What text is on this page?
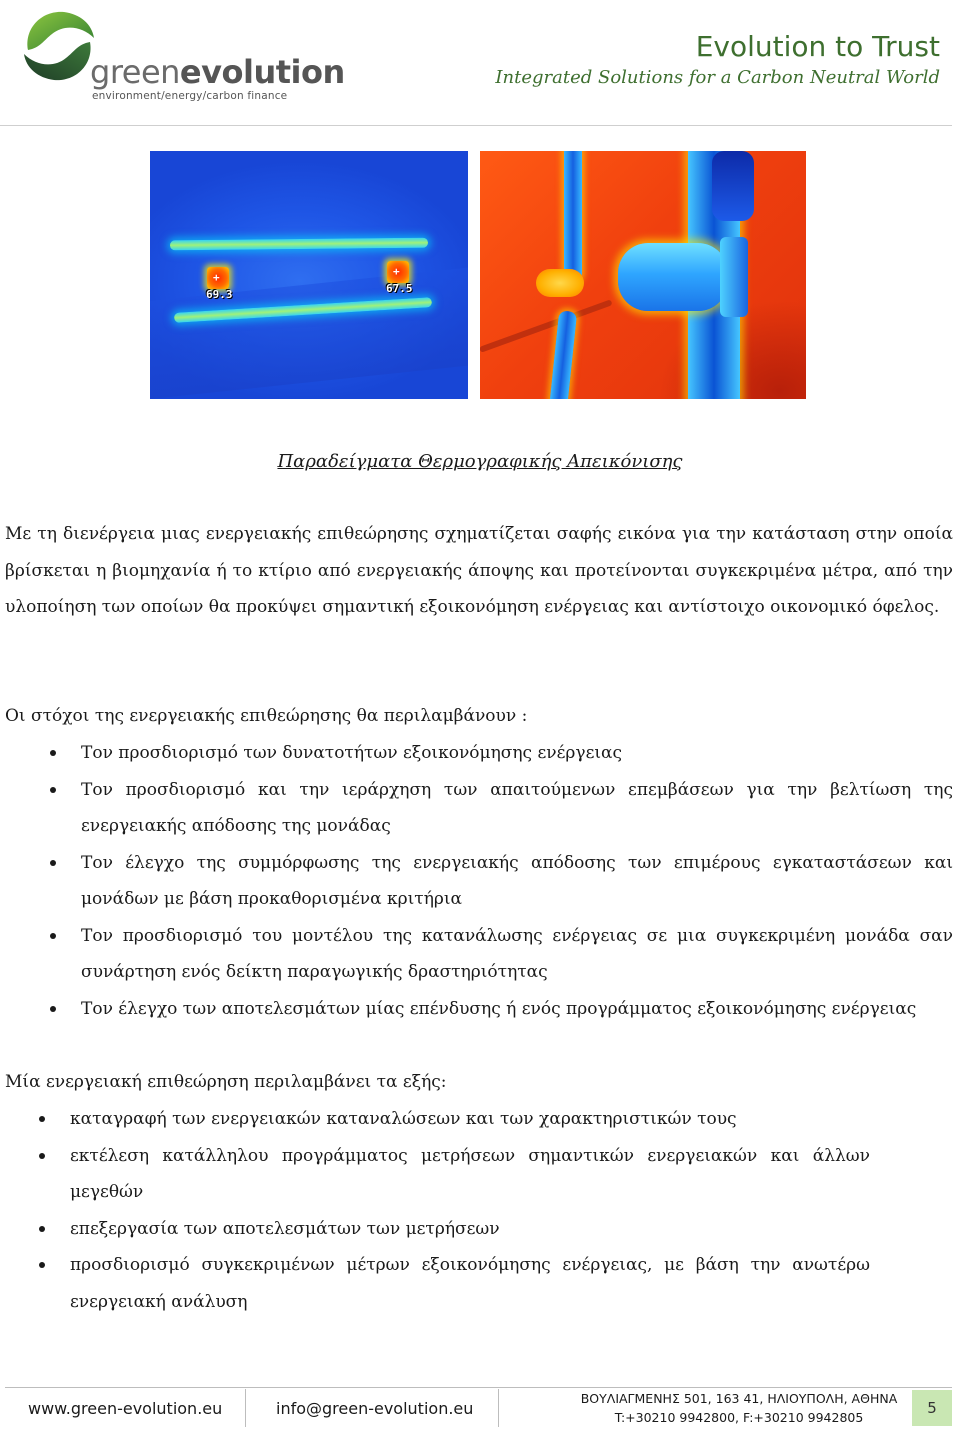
greenevolution
environment/energy/carbon finance
Evolution to Trust
Integrated Solutions for a Carbon Neutral World
+	+
69.3	67.5
Παραδείγματα Θερμογραφικής Απεικόνισης

Με τη διενέργεια μιας ενεργειακής επιθεώρησης σχηματίζεται σαφής εικόνα για την κατάσταση στην οποία βρίσκεται η βιομηχανία ή το κτίριο από ενεργειακής άποψης και προτείνονται συγκεκριμένα μέτρα, από την υλοποίηση των οποίων θα προκύψει σημαντική εξοικονόμηση ενέργειας και αντίστοιχο οικονομικό όφελος.

Οι στόχοι της ενεργειακής επιθεώρησης θα περιλαμβάνουν :

Τον προσδιορισμό των δυνατοτήτων εξοικονόμησης ενέργειας
Τον προσδιορισμό και την ιεράρχηση των απαιτούμενων επεμβάσεων για την βελτίωση της ενεργειακής απόδοσης της μονάδας
Τον έλεγχο της συμμόρφωσης της ενεργειακής απόδοσης των επιμέρους εγκαταστάσεων και μονάδων με βάση προκαθορισμένα κριτήρια
Τον προσδιορισμό του μοντέλου της κατανάλωσης ενέργειας σε μια συγκεκριμένη μονάδα σαν συνάρτηση ενός δείκτη παραγωγικής δραστηριότητας
Τον έλεγχο των αποτελεσμάτων μίας επένδυσης ή ενός προγράμματος εξοικονόμησης ενέργειας

Μία ενεργειακή επιθεώρηση περιλαμβάνει τα εξής:

καταγραφή των ενεργειακών καταναλώσεων και των χαρακτηριστικών τους
εκτέλεση κατάλληλου προγράμματος μετρήσεων σημαντικών ενεργειακών και άλλων μεγεθών
επεξεργασία των αποτελεσμάτων των μετρήσεων
προσδιορισμό συγκεκριμένων μέτρων εξοικονόμησης ενέργειας, με βάση την ανωτέρω ενεργειακή ανάλυση
www.green-evolution.eu	info@green-evolution.eu
ΒΟΥΛΙΑΓΜΕΝΗΣ 501, 163 41, ΗΛΙΟΥΠΟΛΗ, ΑΘΗΝΑ
T:+30210 9942800, F:+30210 9942805
5
